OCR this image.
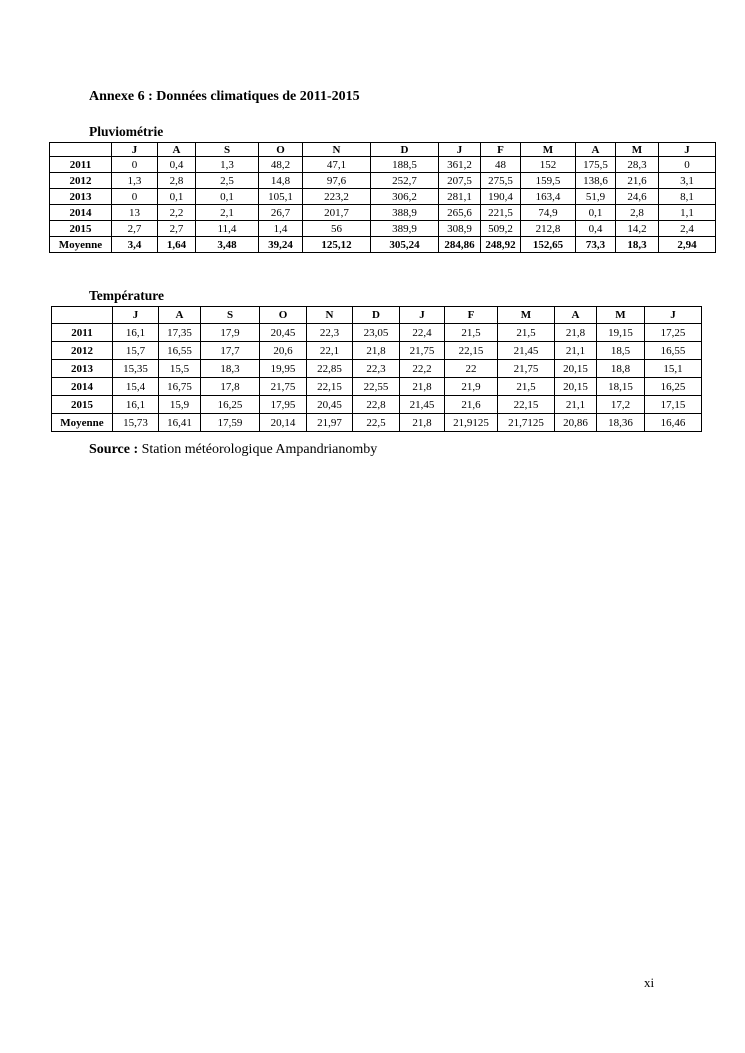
Annexe 6 : Données climatiques de 2011-2015
Pluviométrie
	J	A	S	O	N	D	J	F	M	A	M	J
2011	0	0,4	1,3	48,2	47,1	188,5	361,2	48	152	175,5	28,3	0
2012	1,3	2,8	2,5	14,8	97,6	252,7	207,5	275,5	159,5	138,6	21,6	3,1
2013	0	0,1	0,1	105,1	223,2	306,2	281,1	190,4	163,4	51,9	24,6	8,1
2014	13	2,2	2,1	26,7	201,7	388,9	265,6	221,5	74,9	0,1	2,8	1,1
2015	2,7	2,7	11,4	1,4	56	389,9	308,9	509,2	212,8	0,4	14,2	2,4
Moyenne	3,4	1,64	3,48	39,24	125,12	305,24	284,86	248,92	152,65	73,3	18,3	2,94
Température
	J	A	S	O	N	D	J	F	M	A	M	J
2011	16,1	17,35	17,9	20,45	22,3	23,05	22,4	21,5	21,5	21,8	19,15	17,25
2012	15,7	16,55	17,7	20,6	22,1	21,8	21,75	22,15	21,45	21,1	18,5	16,55
2013	15,35	15,5	18,3	19,95	22,85	22,3	22,2	22	21,75	20,15	18,8	15,1
2014	15,4	16,75	17,8	21,75	22,15	22,55	21,8	21,9	21,5	20,15	18,15	16,25
2015	16,1	15,9	16,25	17,95	20,45	22,8	21,45	21,6	22,15	21,1	17,2	17,15
Moyenne	15,73	16,41	17,59	20,14	21,97	22,5	21,8	21,9125	21,7125	20,86	18,36	16,46
Source : Station météorologique Ampandrianomby
xi
